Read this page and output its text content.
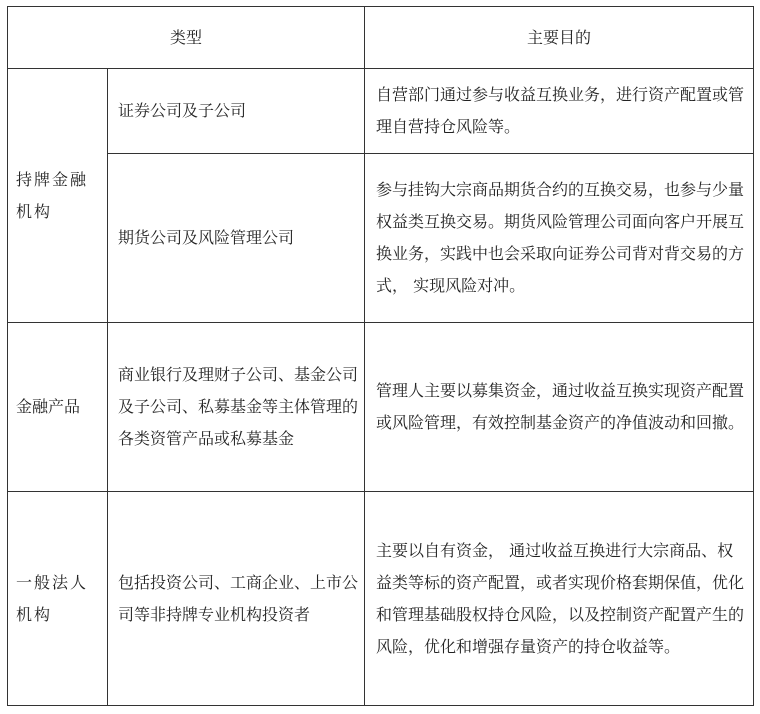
类型		主要目的
持牌金融机构	证券公司及子公司	自营部门通过参与收益互换业务，进行资产配置或管理自营持仓风险等。
	期货公司及风险管理公司	参与挂钩大宗商品期货合约的互换交易，也参与少量权益类互换交易。期货风险管理公司面向客户开展互换业务，实践中也会采取向证券公司背对背交易的方式， 实现风险对冲。
金融产品	商业银行及理财子公司、基金公司及子公司、私募基金等主体管理的各类资管产品或私募基金	管理人主要以募集资金，通过收益互换实现资产配置或风险管理，有效控制基金资产的净值波动和回撤。
一般法人机构	包括投资公司、工商企业、上市公司等非持牌专业机构投资者	主要以自有资金， 通过收益互换进行大宗商品、权益类等标的资产配置，或者实现价格套期保值，优化和管理基础股权持仓风险，以及控制资产配置产生的风险，优化和增强存量资产的持仓收益等。
